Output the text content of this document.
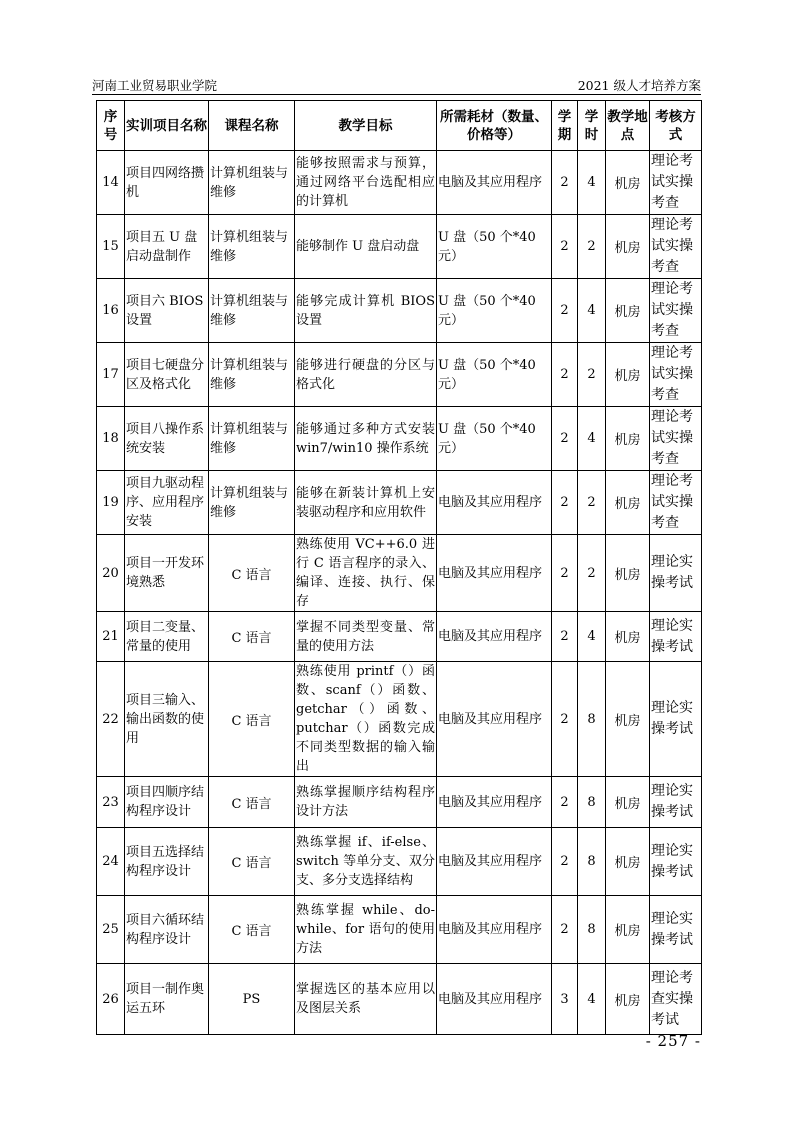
河南工业贸易职业学院	2021 级人才培养方案
序号	实训项目名称	课程名称	教学目标	所需耗材（数量、价格等）	学期	学时	教学地点	考核方式
14	项目四网络攒机	计算机组装与维修	能够按照需求与预算，通过网络平台选配相应的计算机	电脑及其应用程序	2	4	机房	理论考试实操考查
15	项目五 U 盘启动盘制作	计算机组装与维修	能够制作 U 盘启动盘	U 盘（50 个*40 元）	2	2	机房	理论考试实操考查
16	项目六 BIOS 设置	计算机组装与维修	能够完成计算机 BIOS 设置	U 盘（50 个*40 元）	2	4	机房	理论考试实操考查
17	项目七硬盘分区及格式化	计算机组装与维修	能够进行硬盘的分区与格式化	U 盘（50 个*40 元）	2	2	机房	理论考试实操考查
18	项目八操作系统安装	计算机组装与维修	能够通过多种方式安装 win7/win10 操作系统	U 盘（50 个*40 元）	2	4	机房	理论考试实操考查
19	项目九驱动程序、应用程序安装	计算机组装与维修	能够在新装计算机上安装驱动程序和应用软件	电脑及其应用程序	2	2	机房	理论考试实操考查
20	项目一开发环境熟悉	C 语言	熟练使用 VC++6.0 进行 C 语言程序的录入、编译、连接、执行、保存	电脑及其应用程序	2	2	机房	理论实操考试
21	项目二变量、常量的使用	C 语言	掌握不同类型变量、常量的使用方法	电脑及其应用程序	2	4	机房	理论实操考试
22	项目三输入、输出函数的使用	C 语言	熟练使用 printf（）函数、scanf（）函数、getchar（）函数、putchar（）函数完成不同类型数据的输入输出	电脑及其应用程序	2	8	机房	理论实操考试
23	项目四顺序结构程序设计	C 语言	熟练掌握顺序结构程序设计方法	电脑及其应用程序	2	8	机房	理论实操考试
24	项目五选择结构程序设计	C 语言	熟练掌握 if、if-else、switch 等单分支、双分支、多分支选择结构	电脑及其应用程序	2	8	机房	理论实操考试
25	项目六循环结构程序设计	C 语言	熟练掌握 while、do-while、for 语句的使用方法	电脑及其应用程序	2	8	机房	理论实操考试
26	项目一制作奥运五环	PS	掌握选区的基本应用以及图层关系	电脑及其应用程序	3	4	机房	理论考查实操考试
- 257 -
